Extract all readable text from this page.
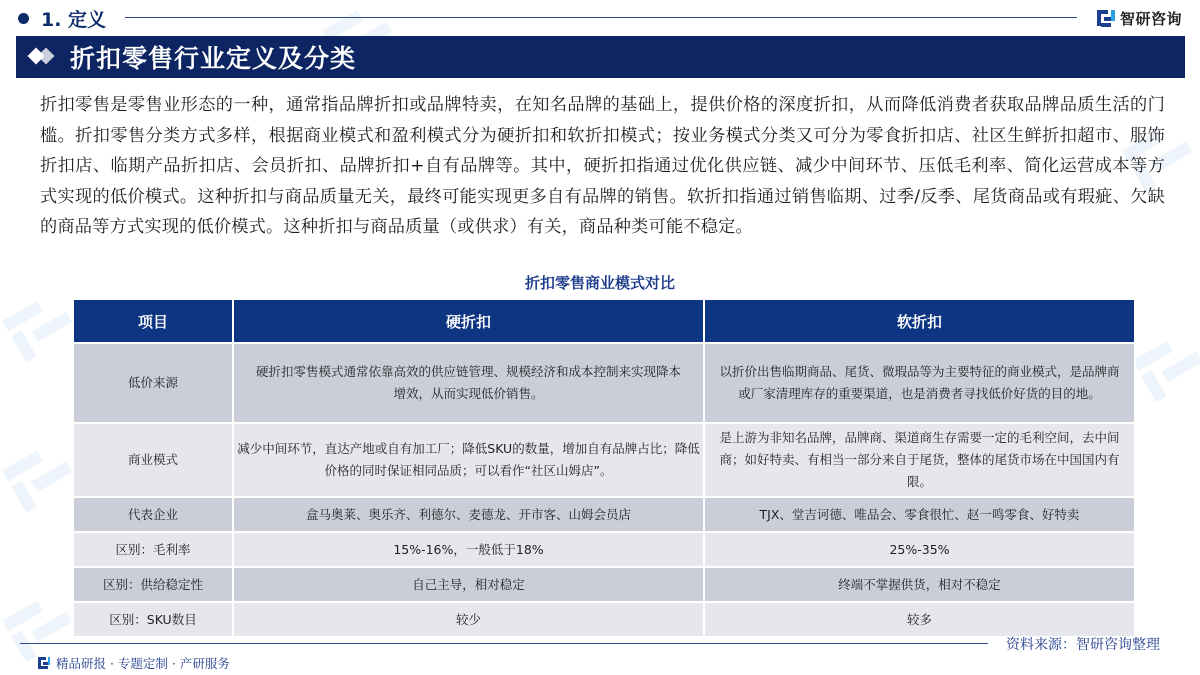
1. 定义	智研咨询
折扣零售行业定义及分类
折扣零售是零售业形态的一种，通常指品牌折扣或品牌特卖，在知名品牌的基础上，提供价格的深度折扣，从而降低消费者获取品牌品质生活的门槛。折扣零售分类方式多样，根据商业模式和盈利模式分为硬折扣和软折扣模式；按业务模式分类又可分为零食折扣店、社区生鲜折扣超市、服饰折扣店、临期产品折扣店、会员折扣、品牌折扣+自有品牌等。其中，硬折扣指通过优化供应链、减少中间环节、压低毛利率、简化运营成本等方式实现的低价模式。这种折扣与商品质量无关，最终可能实现更多自有品牌的销售。软折扣指通过销售临期、过季/反季、尾货商品或有瑕疵、欠缺的商品等方式实现的低价模式。这种折扣与商品质量（或供求）有关，商品种类可能不稳定。
折扣零售商业模式对比
项目	硬折扣	软折扣
低价来源	硬折扣零售模式通常依靠高效的供应链管理、规模经济和成本控制来实现降本增效，从而实现低价销售。	以折价出售临期商品、尾货、微瑕品等为主要特征的商业模式，是品牌商或厂家清理库存的重要渠道，也是消费者寻找低价好货的目的地。
商业模式	减少中间环节，直达产地或自有加工厂；降低SKU的数量，增加自有品牌占比；降低价格的同时保证相同品质；可以看作“社区山姆店”。	是上游为非知名品牌，品牌商、渠道商生存需要一定的毛利空间，去中间商；如好特卖、有相当一部分来自于尾货，整体的尾货市场在中国国内有限。
代表企业	盒马奥莱、奥乐齐、利德尔、麦德龙、开市客、山姆会员店	TJX、堂吉诃德、唯品会、零食很忙、赵一鸣零食、好特卖
区别：毛利率	15%-16%，一般低于18%	25%-35%
区别：供给稳定性	自己主导，相对稳定	终端不掌握供货，相对不稳定
区别：SKU数目	较少	较多
资料来源：智研咨询整理
精品研报 · 专题定制 · 产研服务
